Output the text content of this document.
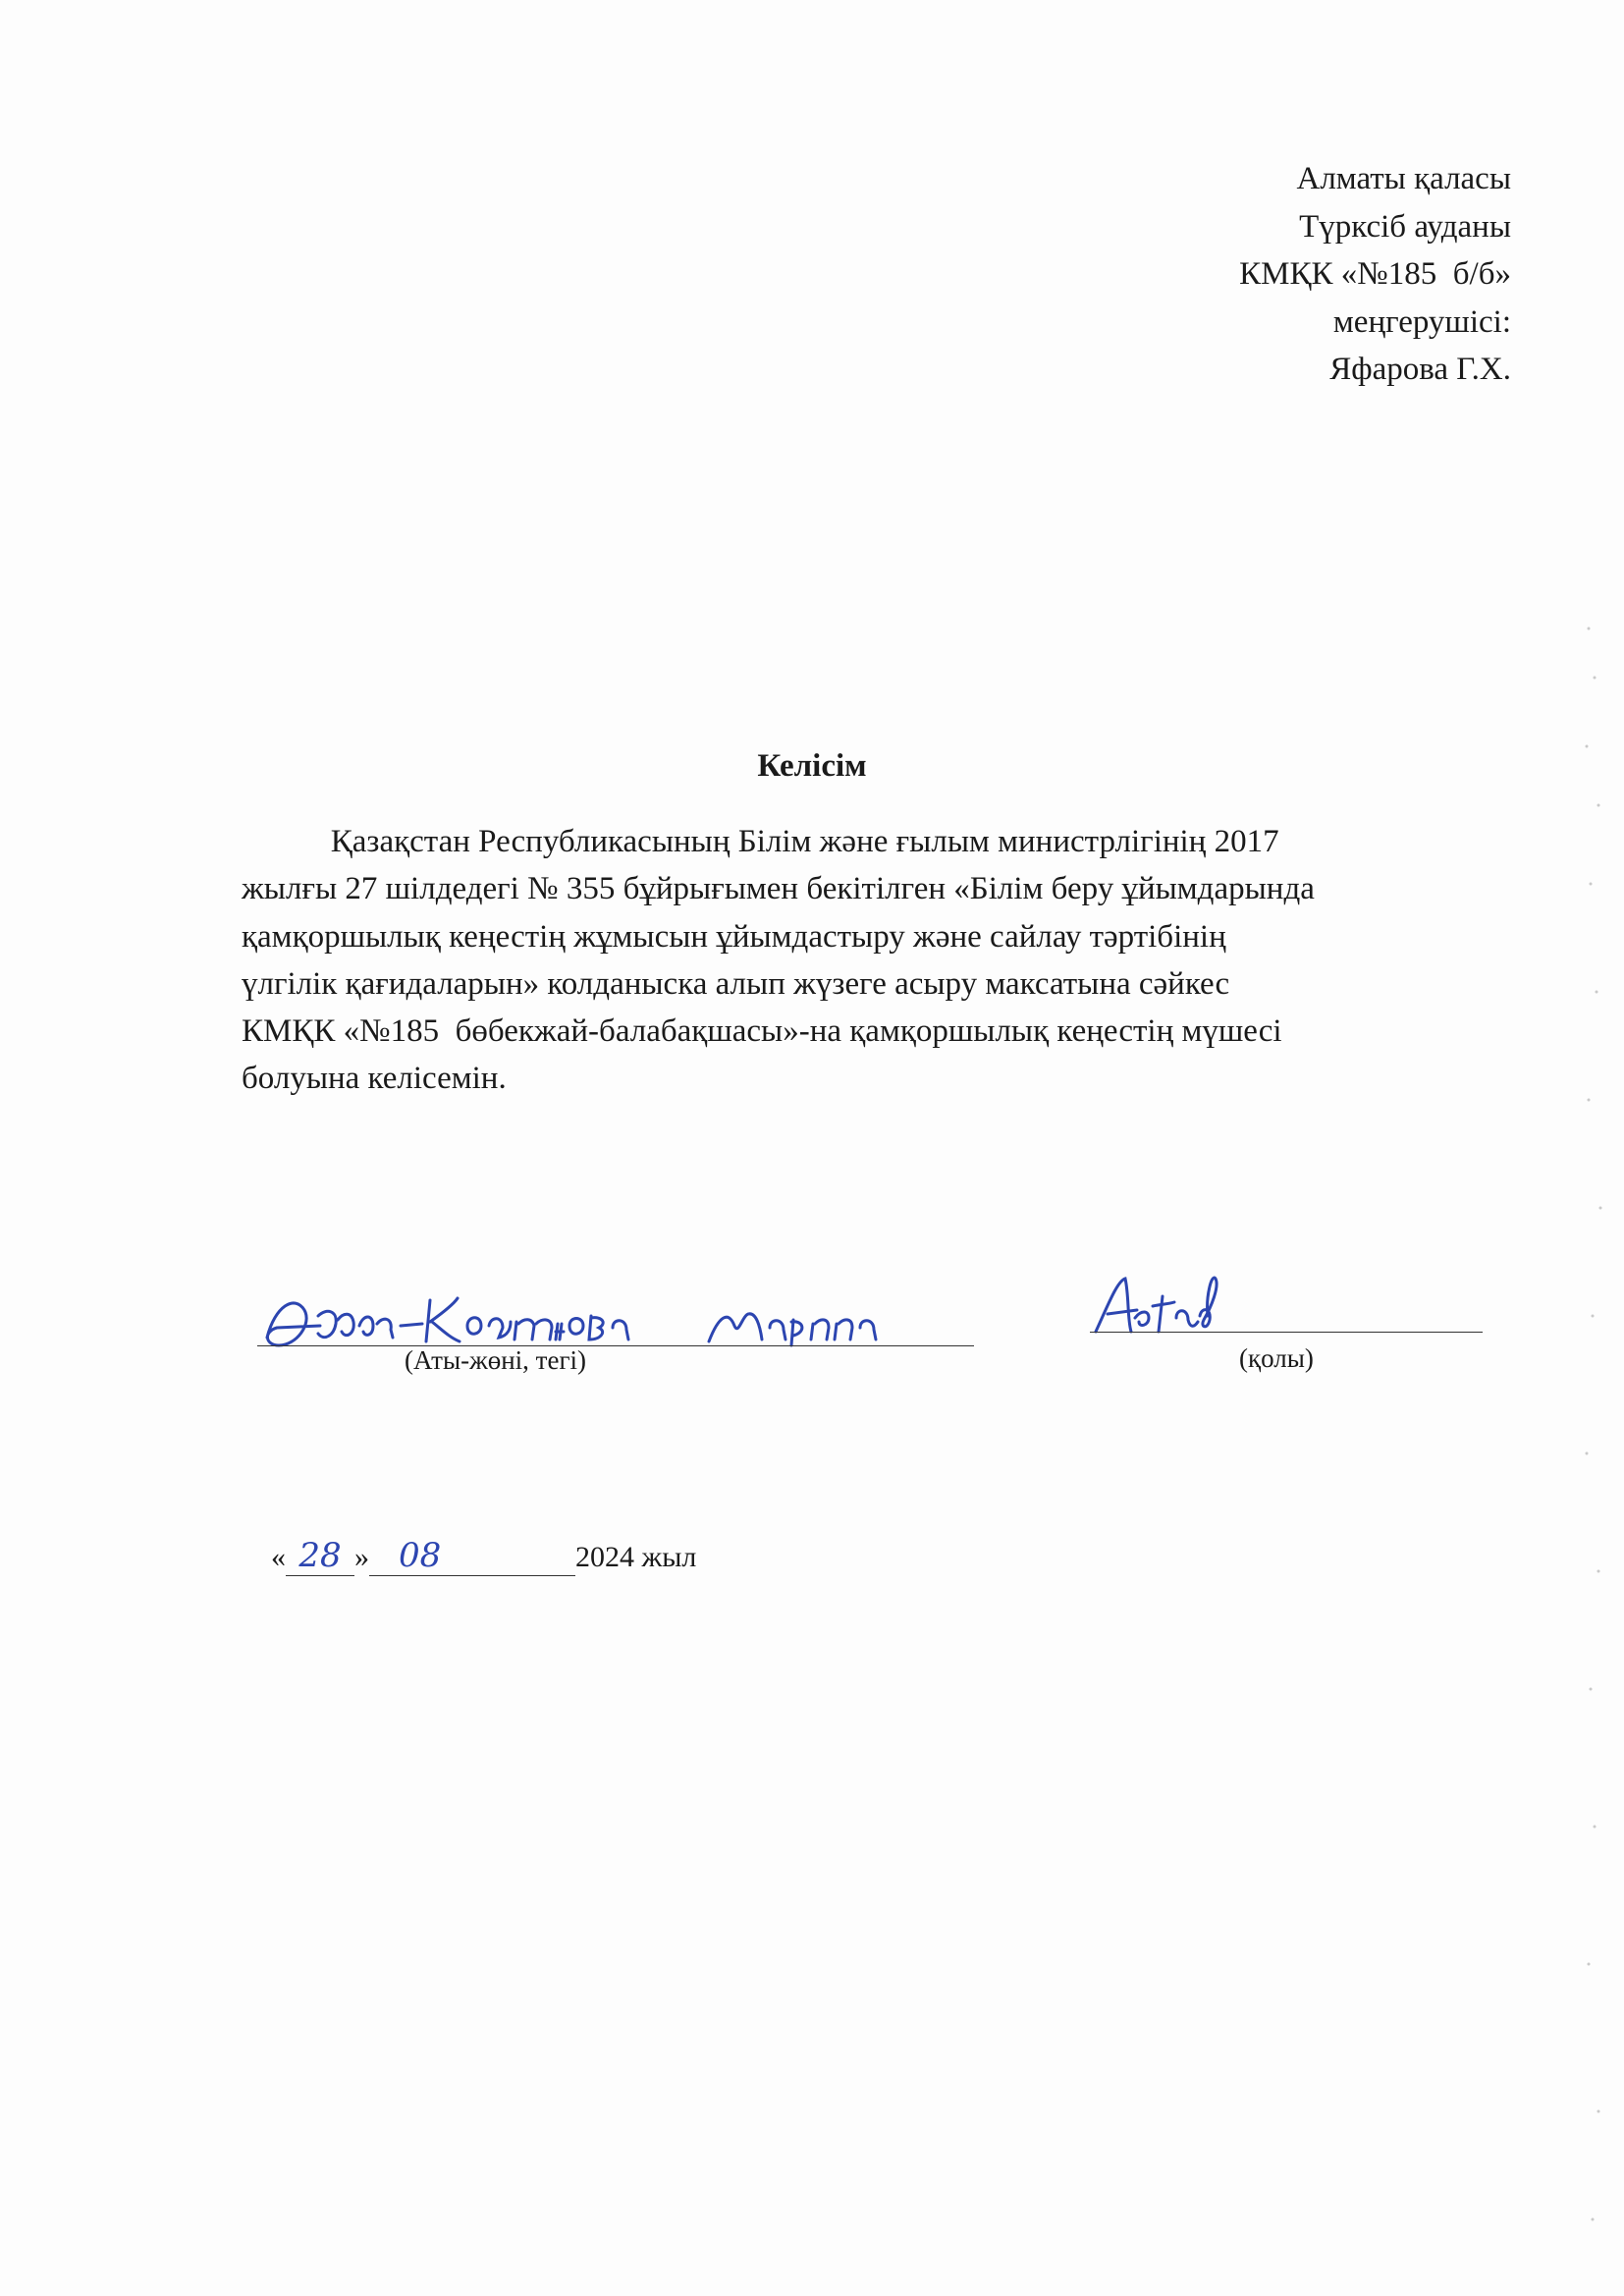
Алматы қаласы
Түрксіб ауданы
КМҚК «№185  б/б»
меңгерушісі:
Яфарова Г.Х.
Келісім
Қазақстан Республикасының Білім және ғылым министрлігінің 2017
жылғы 27 шілдедегі № 355 бұйрығымен бекітілген «Білім беру ұйымдарында
қамқоршылық кеңестің жұмысын ұйымдастыру және сайлау тәртібінің
үлгілік қағидаларын» колданыска алып жүзеге асыру максатына сәйкес
КМҚК «№185  бөбекжай-балабақшасы»-на қамқоршылық кеңестің мүшесі
болуына келісемін.
(Аты-жөні, тегі)	(қолы)

« 28 » 08	2024 жыл
